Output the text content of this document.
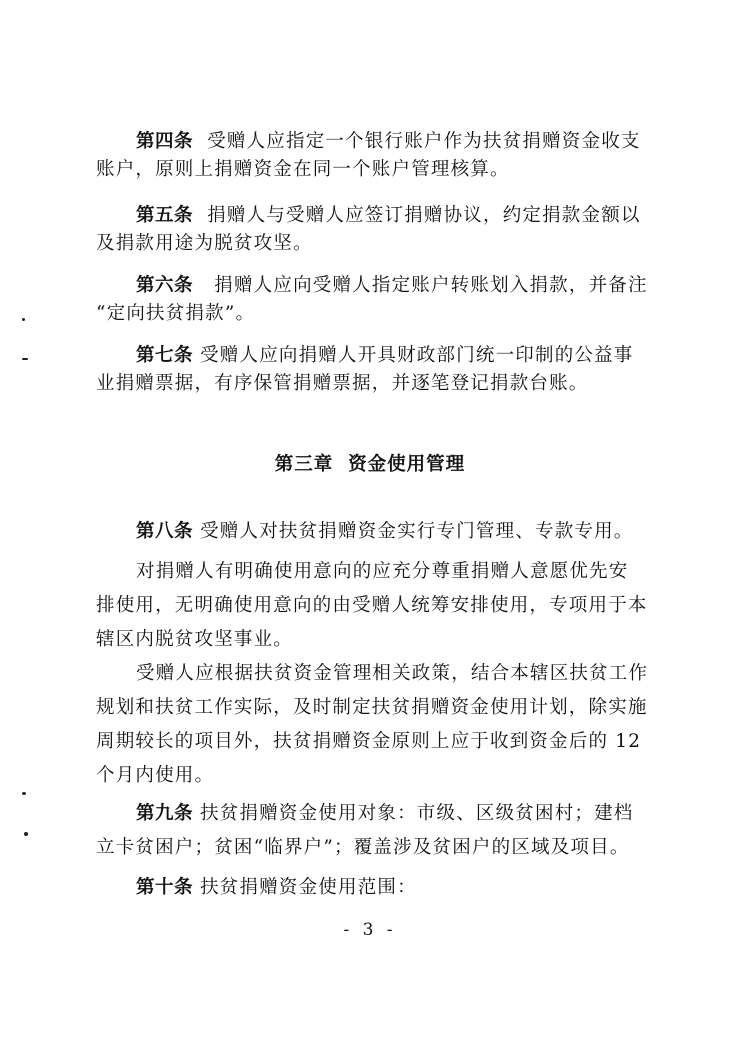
第四条 受赠人应指定一个银行账户作为扶贫捐赠资金收支
账户，原则上捐赠资金在同一个账户管理核算。

第五条 捐赠人与受赠人应签订捐赠协议，约定捐款金额以
及捐款用途为脱贫攻坚。

第六条 捐赠人应向受赠人指定账户转账划入捐款，并备注
“定向扶贫捐款”。

第七条 受赠人应向捐赠人开具财政部门统一印制的公益事
业捐赠票据，有序保管捐赠票据，并逐笔登记捐款台账。

第三章  资金使用管理

第八条 受赠人对扶贫捐赠资金实行专门管理、专款专用。

对捐赠人有明确使用意向的应充分尊重捐赠人意愿优先安
排使用，无明确使用意向的由受赠人统筹安排使用，专项用于本
辖区内脱贫攻坚事业。

受赠人应根据扶贫资金管理相关政策，结合本辖区扶贫工作
规划和扶贫工作实际，及时制定扶贫捐赠资金使用计划，除实施
周期较长的项目外，扶贫捐赠资金原则上应于收到资金后的 12
个月内使用。

第九条 扶贫捐赠资金使用对象：市级、区级贫困村；建档
立卡贫困户；贫困“临界户”；覆盖涉及贫困户的区域及项目。

第十条 扶贫捐赠资金使用范围：

- 3 -
